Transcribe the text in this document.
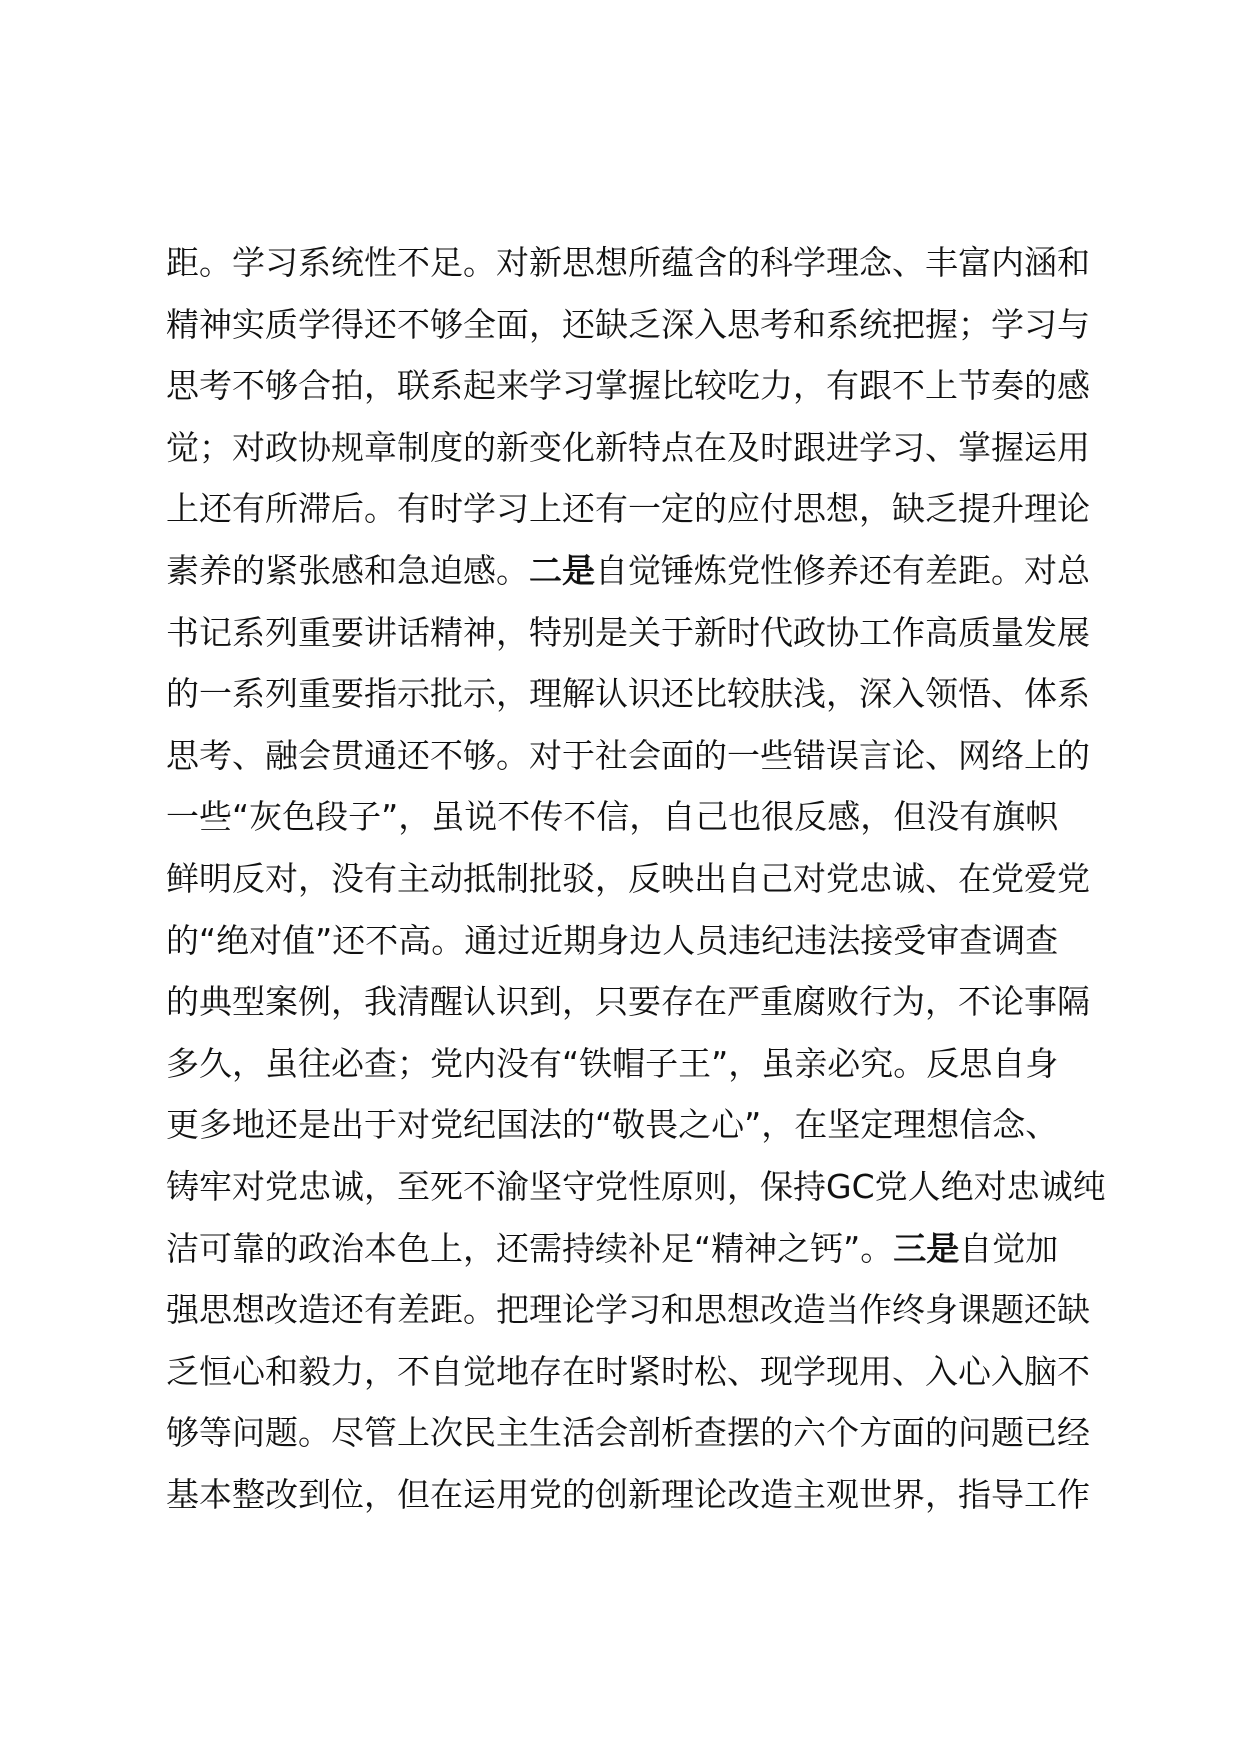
距。学习系统性不足。对新思想所蕴含的科学理念、丰富内涵和
精神实质学得还不够全面，还缺乏深入思考和系统把握；学习与
思考不够合拍，联系起来学习掌握比较吃力，有跟不上节奏的感
觉；对政协规章制度的新变化新特点在及时跟进学习、掌握运用
上还有所滞后。有时学习上还有一定的应付思想，缺乏提升理论
素养的紧张感和急迫感。二是自觉锤炼党性修养还有差距。对总
书记系列重要讲话精神，特别是关于新时代政协工作高质量发展
的一系列重要指示批示，理解认识还比较肤浅，深入领悟、体系
思考、融会贯通还不够。对于社会面的一些错误言论、网络上的
一些“灰色段子”，虽说不传不信，自己也很反感，但没有旗帜
鲜明反对，没有主动抵制批驳，反映出自己对党忠诚、在党爱党
的“绝对值”还不高。通过近期身边人员违纪违法接受审查调查
的典型案例，我清醒认识到，只要存在严重腐败行为，不论事隔
多久，虽往必查；党内没有“铁帽子王”，虽亲必究。反思自身
更多地还是出于对党纪国法的“敬畏之心”，在坚定理想信念、
铸牢对党忠诚，至死不渝坚守党性原则，保持GC党人绝对忠诚纯
洁可靠的政治本色上，还需持续补足“精神之钙”。三是自觉加
强思想改造还有差距。把理论学习和思想改造当作终身课题还缺
乏恒心和毅力，不自觉地存在时紧时松、现学现用、入心入脑不
够等问题。尽管上次民主生活会剖析查摆的六个方面的问题已经
基本整改到位，但在运用党的创新理论改造主观世界，指导工作
